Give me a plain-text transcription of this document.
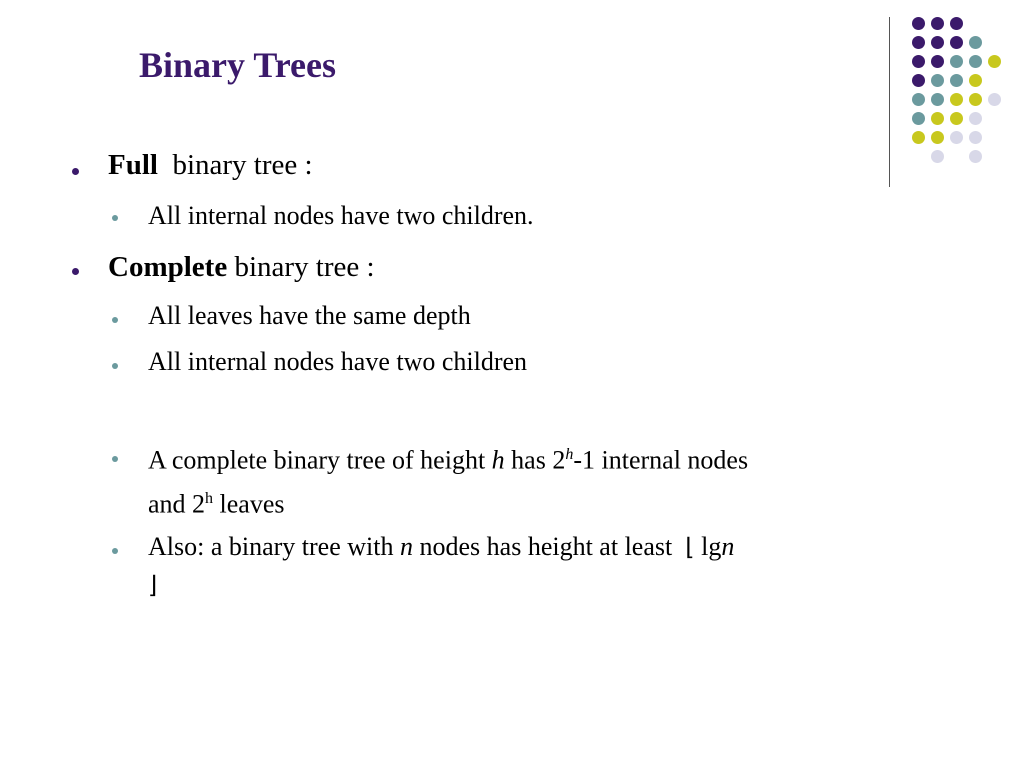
Binary Trees
Full binary tree :
All internal nodes have two children.
Complete binary tree :
All leaves have the same depth
All internal nodes have two children
A complete binary tree of height h has 2$^h$-1 internal nodes
and 2$^h$ leaves
Also: a binary tree with n nodes has height at least ⌊ lgn
⌋
